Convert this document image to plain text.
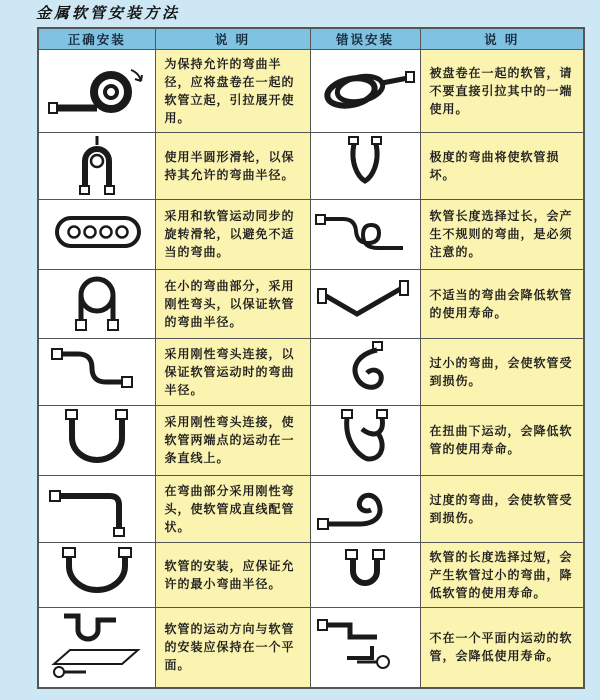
金属软管安装方法
正确安装	说 明	错误安装	说 明
	为保持允许的弯曲半径，应将盘卷在一起的软管立起，引拉展开使用。		被盘卷在一起的软管，请不要直接引拉其中的一端使用。
	使用半圆形滑轮，以保持其允许的弯曲半径。		极度的弯曲将使软管损坏。
	采用和软管运动同步的旋转滑轮，以避免不适当的弯曲。		软管长度选择过长，会产生不规则的弯曲，是必须注意的。
	在小的弯曲部分，采用刚性弯头，以保证软管的弯曲半径。		不适当的弯曲会降低软管的使用寿命。
	采用刚性弯头连接，以保证软管运动时的弯曲半径。		过小的弯曲，会使软管受到损伤。
	采用刚性弯头连接，使软管两端点的运动在一条直线上。		在扭曲下运动，会降低软管的使用寿命。
	在弯曲部分采用刚性弯头，使软管成直线配管状。		过度的弯曲，会使软管受到损伤。
	软管的安装，应保证允许的最小弯曲半径。		软管的长度选择过短，会产生软管过小的弯曲，降低软管的使用寿命。
	软管的运动方向与软管的安装应保持在一个平面。		不在一个平面内运动的软管，会降低使用寿命。
